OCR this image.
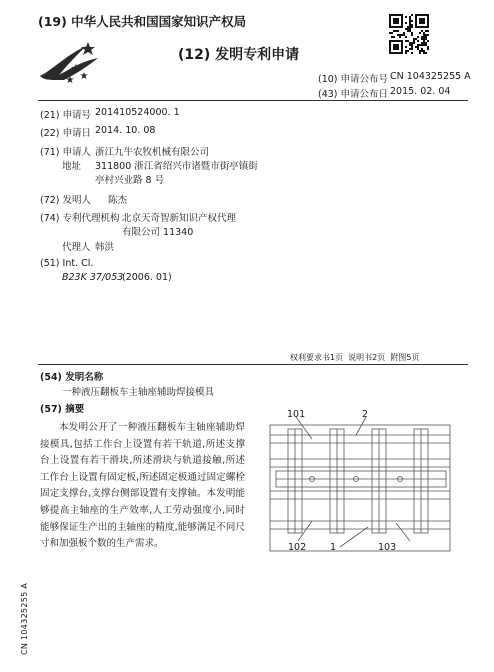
(19) 中华人民共和国国家知识产权局
(12) 发明专利申请
(10) 申请公布号 CN 104325255 A
(43) 申请公布日 2015. 02. 04
(21) 申请号 201410524000. 1
(22) 申请日 2014. 10. 08
(71) 申请人 浙江九牛农牧机械有限公司
地址 311800 浙江省绍兴市诸暨市街亭镇街
亭村兴业路 8 号
(72) 发明人 陈杰
(74) 专利代理机构 北京天奇智新知识产权代理
有限公司 11340
代理人 韩洪
(51) Int. Cl.
B23K 37/053
(2006. 01)
权利要求书1页  说明书2页  附图5页
(54) 发明名称
一种液压翻板车主轴座辅助焊接模具
(57) 摘要
本发明公开了一种液压翻板车主轴座辅助焊接模具,包括工作台上设置有若干轨道,所述支撑台上设置有若干滑块,所述滑块与轨道接触,所述工作台上设置有固定板,所述固定板通过固定螺栓固定支撑台,支撑台侧部设置有支撑轴。本发明能够提高主轴座的生产效率,人工劳动强度小,同时能够保证生产出的主轴座的精度,能够满足不同尺寸和加强板个数的生产需求。
101	2
102	1	103
CN 104325255 A
